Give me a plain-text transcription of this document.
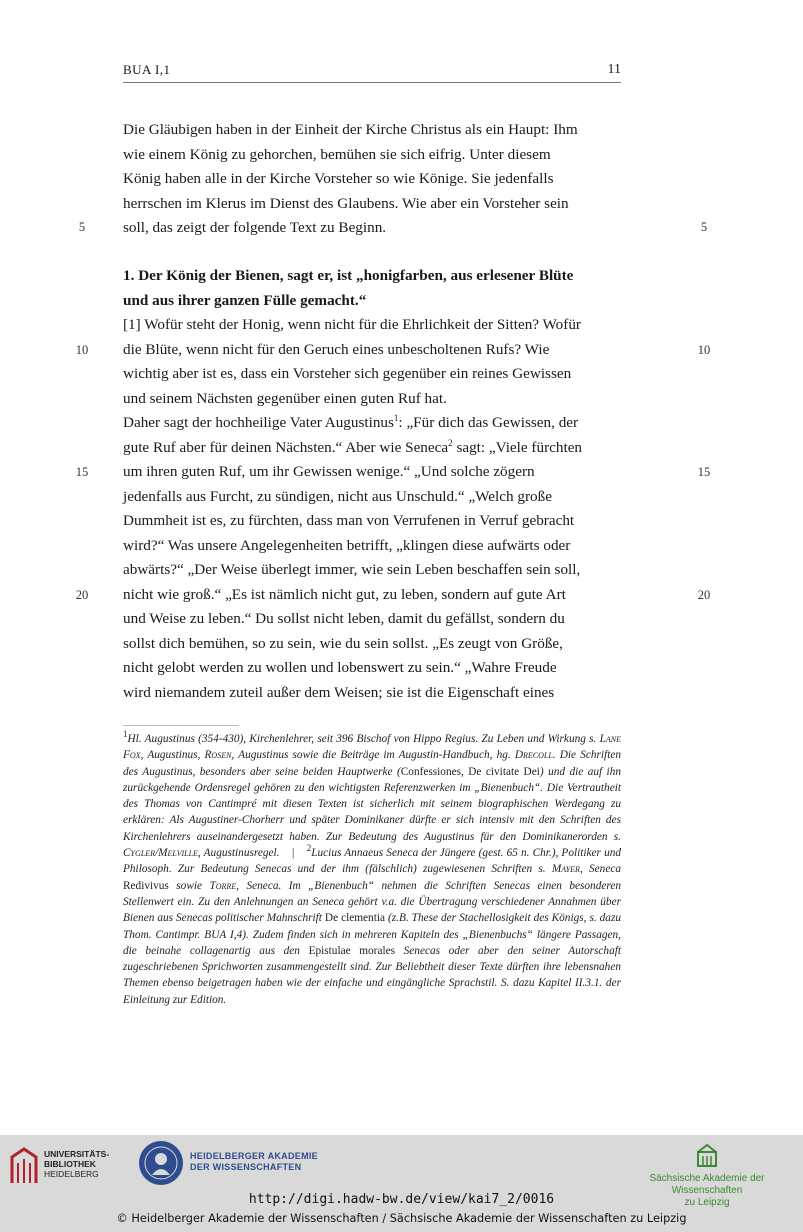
BUA I,1	11

Die Gläubigen haben in der Einheit der Kirche Christus als ein Haupt: Ihm

wie einem König zu gehorchen, bemühen sie sich eifrig. Unter diesem

König haben alle in der Kirche Vorsteher so wie Könige. Sie jedenfalls

herrschen im Klerus im Dienst des Glaubens. Wie aber ein Vorsteher sein

soll, das zeigt der folgende Text zu Beginn.

1. Der König der Bienen, sagt er, ist „honigfarben, aus erlesener Blüte

und aus ihrer ganzen Fülle gemacht.“

[1] Wofür steht der Honig, wenn nicht für die Ehrlichkeit der Sitten? Wofür

die Blüte, wenn nicht für den Geruch eines unbescholtenen Rufs? Wie

wichtig aber ist es, dass ein Vorsteher sich gegenüber ein reines Gewissen

und seinem Nächsten gegenüber einen guten Ruf hat.

Daher sagt der hochheilige Vater Augustinus$^1$: „Für dich das Gewissen, der

gute Ruf aber für deinen Nächsten.“ Aber wie Seneca$^2$ sagt: „Viele fürchten

um ihren guten Ruf, um ihr Gewissen wenige.“ „Und solche zögern

jedenfalls aus Furcht, zu sündigen, nicht aus Unschuld.“ „Welch große

Dummheit ist es, zu fürchten, dass man von Verrufenen in Verruf gebracht

wird?“ Was unsere Angelegenheiten betrifft, „klingen diese aufwärts oder

abwärts?“ „Der Weise überlegt immer, wie sein Leben beschaffen sein soll,

nicht wie groß.“ „Es ist nämlich nicht gut, zu leben, sondern auf gute Art

und Weise zu leben.“ Du sollst nicht leben, damit du gefällst, sondern du

sollst dich bemühen, so zu sein, wie du sein sollst. „Es zeugt von Größe,

nicht gelobt werden zu wollen und lobenswert zu sein.“ „Wahre Freude

wird niemandem zuteil außer dem Weisen; sie ist die Eigenschaft eines

5	5
10	10
15	15
20	20
$^1$Hl. Augustinus (354-430), Kirchenlehrer, seit 396 Bischof von Hippo Regius. Zu Leben und Wirkung s. Lane Fox, Augustinus, Rosen, Augustinus sowie die Beiträge im Augustin-Handbuch, hg. Drecoll. Die Schriften des Augustinus, besonders aber seine beiden Hauptwerke (Confessiones, De civitate Dei) und die auf ihn zurückgehende Ordensregel gehören zu den wichtigsten Referenzwerken im „Bienenbuch“. Die Vertrautheit des Thomas von Cantimpré mit diesen Texten ist sicherlich mit seinem biographischen Werdegang zu erklären: Als Augustiner-Chorherr und später Dominikaner dürfte er sich intensiv mit den Schriften des Kirchenlehrers auseinandergesetzt haben. Zur Bedeutung des Augustinus für den Dominikanerorden s. Cygler/Melville, Augustinusregel. | $^2$Lucius Annaeus Seneca der Jüngere (gest. 65 n. Chr.), Politiker und Philosoph. Zur Bedeutung Senecas und der ihm (fälschlich) zugewiesenen Schriften s. Mayer, Seneca Redivivus sowie Torre, Seneca. Im „Bienenbuch“ nehmen die Schriften Senecas einen besonderen Stellenwert ein. Zu den Anlehnungen an Seneca gehört v.a. die Übertragung verschiedener Annahmen über Bienen aus Senecas politischer Mahnschrift De clementia (z.B. These der Stachellosigkeit des Königs, s. dazu Thom. Cantimpr. BUA I,4). Zudem finden sich in mehreren Kapiteln des „Bienenbuchs“ längere Passagen, die beinahe collagenartig aus den Epistulae morales Senecas oder aber den seiner Autorschaft zugeschriebenen Sprichworten zusammengestellt sind. Zur Beliebtheit dieser Texte dürften ihre lebensnahen Themen ebenso beigetragen haben wie der einfache und eingängliche Sprachstil. S. dazu Kapitel II.3.1. der Einleitung zur Edition.
UNIVERSITÄTS-
BIBLIOTHEK
HEIDELBERG
HEIDELBERGER AKADEMIE
DER WISSENSCHAFTEN
Sächsische Akademie der Wissenschaften
zu Leipzig
http://digi.hadw-bw.de/view/kai7_2/0016
© Heidelberger Akademie der Wissenschaften / Sächsische Akademie der Wissenschaften zu Leipzig
